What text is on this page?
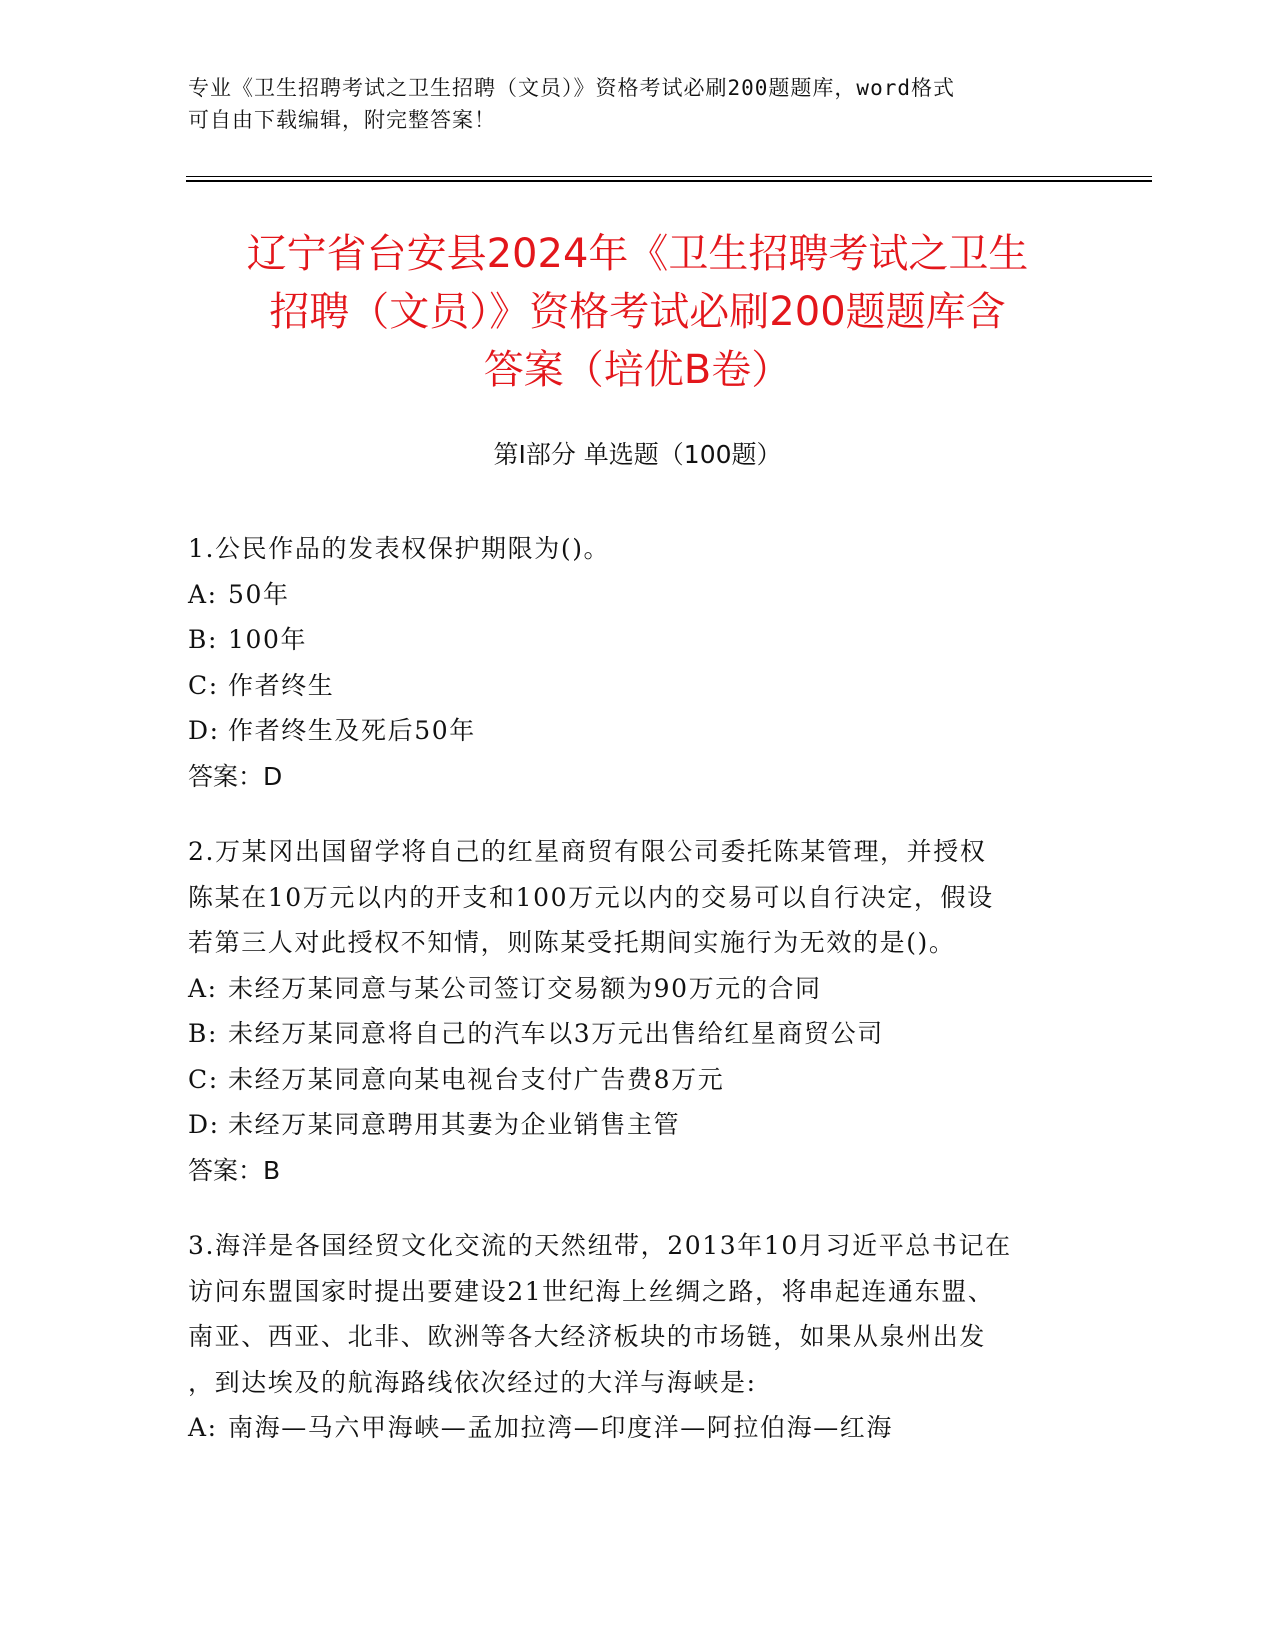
专业《卫生招聘考试之卫生招聘（文员）》资格考试必刷200题题库，word格式
可自由下载编辑，附完整答案！
辽宁省台安县2024年《卫生招聘考试之卫生
招聘（文员）》资格考试必刷200题题库含
答案（培优B卷）
第I部分 单选题（100题）
1.公民作品的发表权保护期限为()。
A: 50年
B: 100年
C: 作者终生
D: 作者终生及死后50年
答案：D
2.万某冈出国留学将自己的红星商贸有限公司委托陈某管理，并授权
陈某在10万元以内的开支和100万元以内的交易可以自行决定，假设
若第三人对此授权不知情，则陈某受托期间实施行为无效的是()。
A: 未经万某同意与某公司签订交易额为90万元的合同
B: 未经万某同意将自己的汽车以3万元出售给红星商贸公司
C: 未经万某同意向某电视台支付广告费8万元
D: 未经万某同意聘用其妻为企业销售主管
答案：B
3.海洋是各国经贸文化交流的天然纽带，2013年10月习近平总书记在
访问东盟国家时提出要建设21世纪海上丝绸之路，将串起连通东盟、
南亚、西亚、北非、欧洲等各大经济板块的市场链，如果从泉州出发
，到达埃及的航海路线依次经过的大洋与海峡是:
A: 南海—马六甲海峡—孟加拉湾—印度洋—阿拉伯海—红海
